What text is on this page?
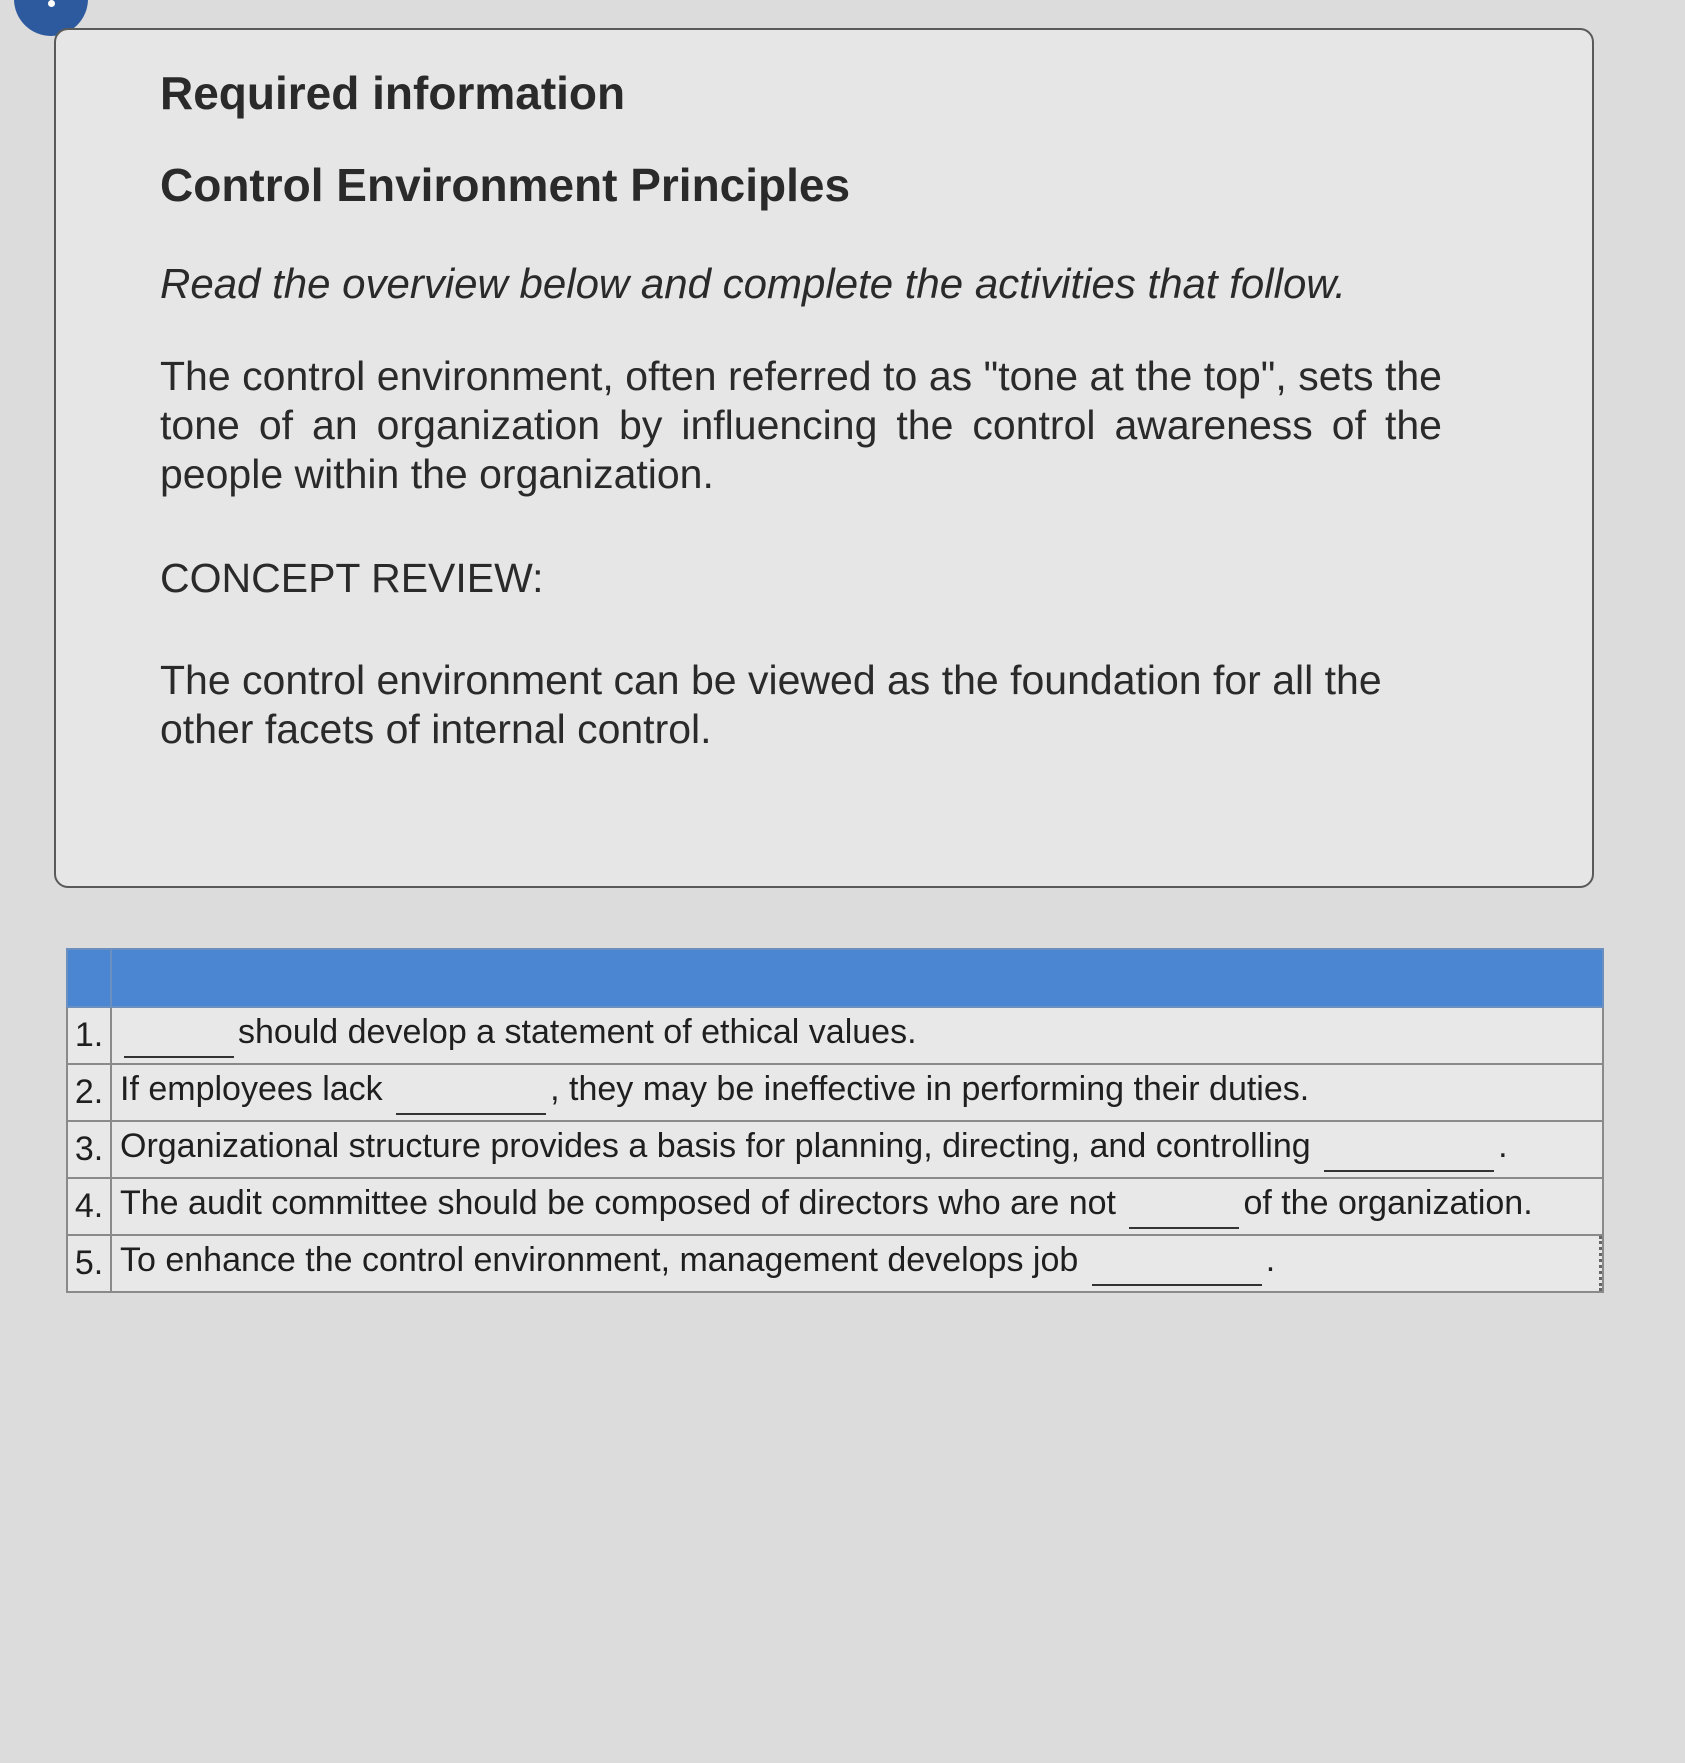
Required information

Control Environment Principles

Read the overview below and complete the activities that follow.

The control environment, often referred to as "tone at the top", sets the tone of an organization by influencing the control awareness of the people within the organization.

CONCEPT REVIEW:

The control environment can be viewed as the foundation for all the other facets of internal control.

1.	should develop a statement of ethical values.
2.	If employees lack , they may be ineffective in performing their duties.
3.	Organizational structure provides a basis for planning, directing, and controlling .
4.	The audit committee should be composed of directors who are not of the organization.
5.	To enhance the control environment, management develops job .
